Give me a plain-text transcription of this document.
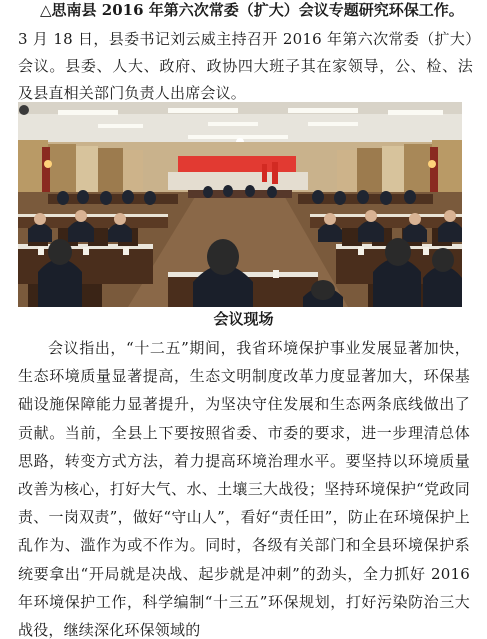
△思南县 2016 年第六次常委（扩大）会议专题研究环保工作。
3 月 18 日，县委书记刘云威主持召开 2016 年第六次常委（扩大）会议。县委、人大、政府、政协四大班子其在家领导，公、检、法及县直相关部门负责人出席会议。
会议现场
会议指出，“十二五”期间，我省环境保护事业发展显著加快，生态环境质量显著提高，生态文明制度改革力度显著加大，环保基础设施保障能力显著提升，为坚决守住发展和生态两条底线做出了贡献。当前，全县上下要按照省委、市委的要求，进一步理清总体思路，转变方式方法，着力提高环境治理水平。要坚持以环境质量改善为核心，打好大气、水、土壤三大战役；坚持环境保护“党政同责、一岗双责”，做好“守山人”，看好“责任田”，防止在环境保护上乱作为、滥作为或不作为。同时，各级有关部门和全县环境保护系统要拿出“开局就是决战、起步就是冲刺”的劲头，全力抓好 2016 年环境保护工作，科学编制“十三五”环保规划，打好污染防治三大战役，继续深化环保领域的
